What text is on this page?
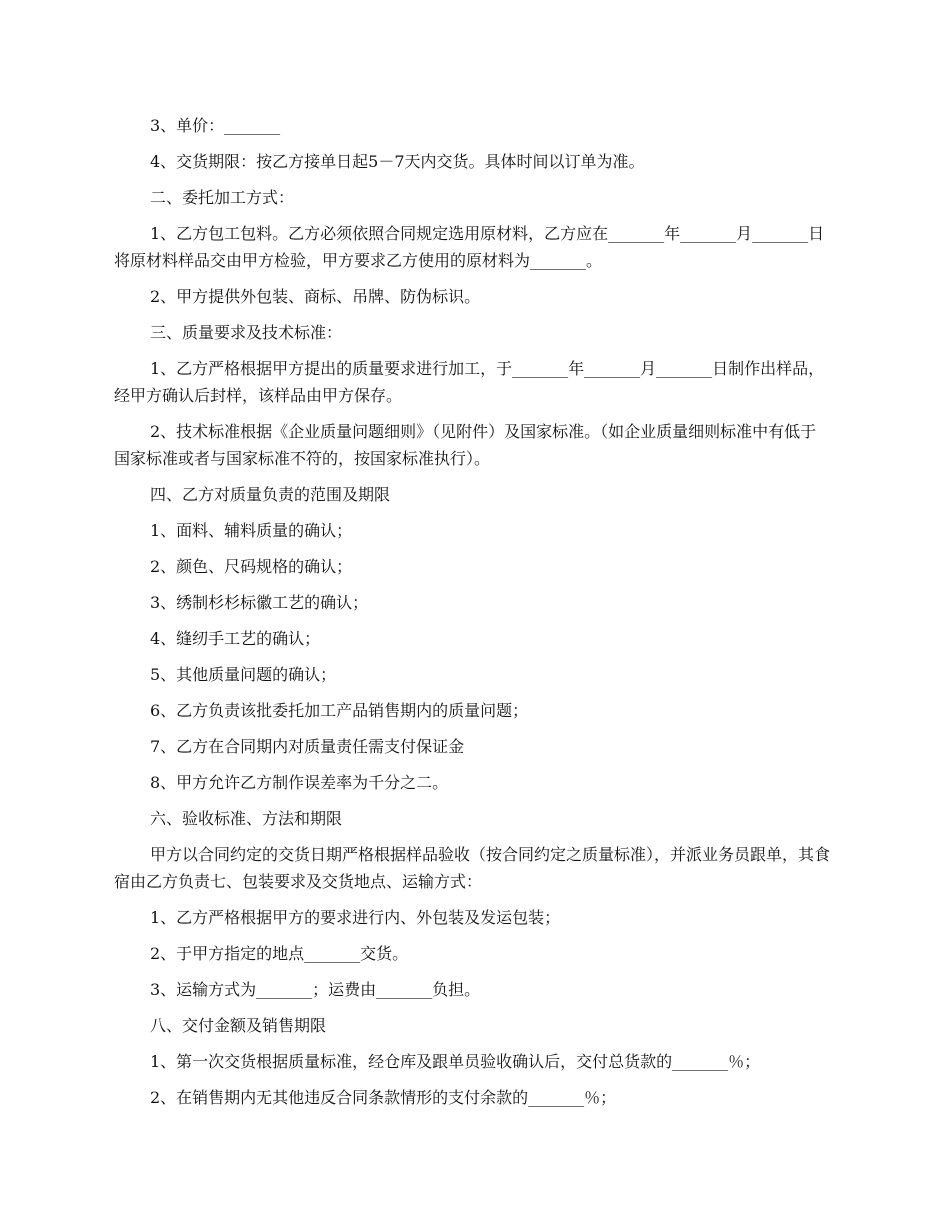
3、单价：_______

4、交货期限：按乙方接单日起5－7天内交货。具体时间以订单为准。

二、委托加工方式：

1、乙方包工包料。乙方必须依照合同规定选用原材料，乙方应在_______年_______月_______日将原材料样品交由甲方检验，甲方要求乙方使用的原材料为_______。

2、甲方提供外包装、商标、吊牌、防伪标识。

三、质量要求及技术标准：

1、乙方严格根据甲方提出的质量要求进行加工，于_______年_______月_______日制作出样品，经甲方确认后封样，该样品由甲方保存。

2、技术标准根据《企业质量问题细则》（见附件）及国家标准。（如企业质量细则标准中有低于国家标准或者与国家标准不符的，按国家标准执行）。

四、乙方对质量负责的范围及期限

1、面料、辅料质量的确认；

2、颜色、尺码规格的确认；

3、绣制杉杉标徽工艺的确认；

4、缝纫手工艺的确认；

5、其他质量问题的确认；

6、乙方负责该批委托加工产品销售期内的质量问题；

7、乙方在合同期内对质量责任需支付保证金

8、甲方允许乙方制作误差率为千分之二。

六、验收标准、方法和期限

甲方以合同约定的交货日期严格根据样品验收（按合同约定之质量标准），并派业务员跟单，其食宿由乙方负责七、包装要求及交货地点、运输方式：

1、乙方严格根据甲方的要求进行内、外包装及发运包装；

2、于甲方指定的地点_______交货。

3、运输方式为_______；运费由_______负担。

八、交付金额及销售期限

1、第一次交货根据质量标准，经仓库及跟单员验收确认后，交付总货款的_______％；

2、在销售期内无其他违反合同条款情形的支付余款的_______％；
